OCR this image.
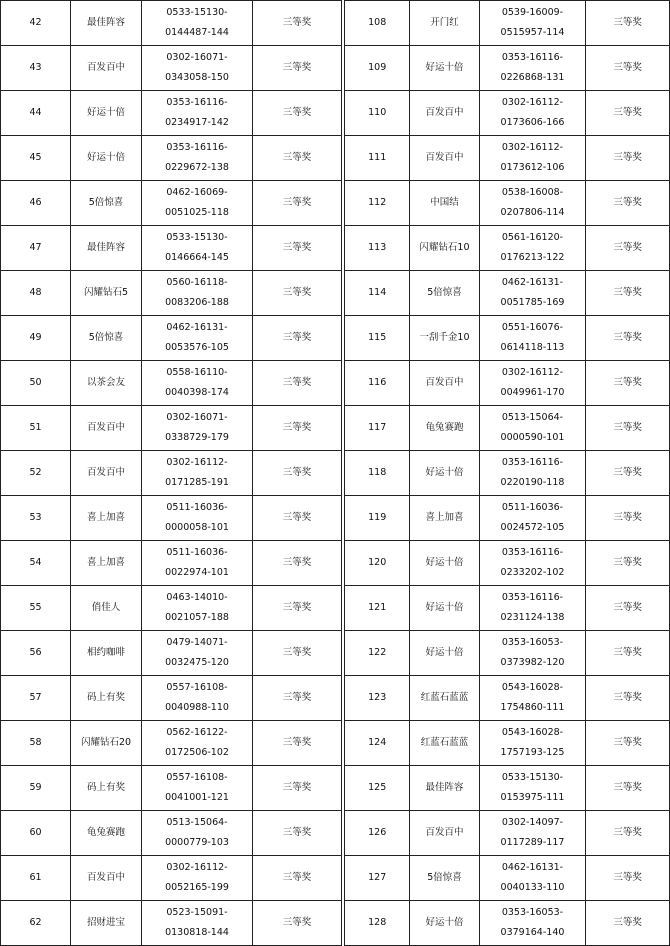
42	最佳阵容	0533-15130-
0144487-144	三等奖
43	百发百中	0302-16071-
0343058-150	三等奖
44	好运十倍	0353-16116-
0234917-142	三等奖
45	好运十倍	0353-16116-
0229672-138	三等奖
46	5倍惊喜	0462-16069-
0051025-118	三等奖
47	最佳阵容	0533-15130-
0146664-145	三等奖
48	闪耀钻石5	0560-16118-
0083206-188	三等奖
49	5倍惊喜	0462-16131-
0053576-105	三等奖
50	以茶会友	0558-16110-
0040398-174	三等奖
51	百发百中	0302-16071-
0338729-179	三等奖
52	百发百中	0302-16112-
0171285-191	三等奖
53	喜上加喜	0511-16036-
0000058-101	三等奖
54	喜上加喜	0511-16036-
0022974-101	三等奖
55	俏佳人	0463-14010-
0021057-188	三等奖
56	相约咖啡	0479-14071-
0032475-120	三等奖
57	码上有奖	0557-16108-
0040988-110	三等奖
58	闪耀钻石20	0562-16122-
0172506-102	三等奖
59	码上有奖	0557-16108-
0041001-121	三等奖
60	龟兔赛跑	0513-15064-
0000779-103	三等奖
61	百发百中	0302-16112-
0052165-199	三等奖
62	招财进宝	0523-15091-
0130818-144	三等奖
108	开门红	0539-16009-
0515957-114	三等奖
109	好运十倍	0353-16116-
0226868-131	三等奖
110	百发百中	0302-16112-
0173606-166	三等奖
111	百发百中	0302-16112-
0173612-106	三等奖
112	中国结	0538-16008-
0207806-114	三等奖
113	闪耀钻石10	0561-16120-
0176213-122	三等奖
114	5倍惊喜	0462-16131-
0051785-169	三等奖
115	一刮千金10	0551-16076-
0614118-113	三等奖
116	百发百中	0302-16112-
0049961-170	三等奖
117	龟兔赛跑	0513-15064-
0000590-101	三等奖
118	好运十倍	0353-16116-
0220190-118	三等奖
119	喜上加喜	0511-16036-
0024572-105	三等奖
120	好运十倍	0353-16116-
0233202-102	三等奖
121	好运十倍	0353-16116-
0231124-138	三等奖
122	好运十倍	0353-16053-
0373982-120	三等奖
123	红蓝石蓝蓝	0543-16028-
1754860-111	三等奖
124	红蓝石蓝蓝	0543-16028-
1757193-125	三等奖
125	最佳阵容	0533-15130-
0153975-111	三等奖
126	百发百中	0302-14097-
0117289-117	三等奖
127	5倍惊喜	0462-16131-
0040133-110	三等奖
128	好运十倍	0353-16053-
0379164-140	三等奖
